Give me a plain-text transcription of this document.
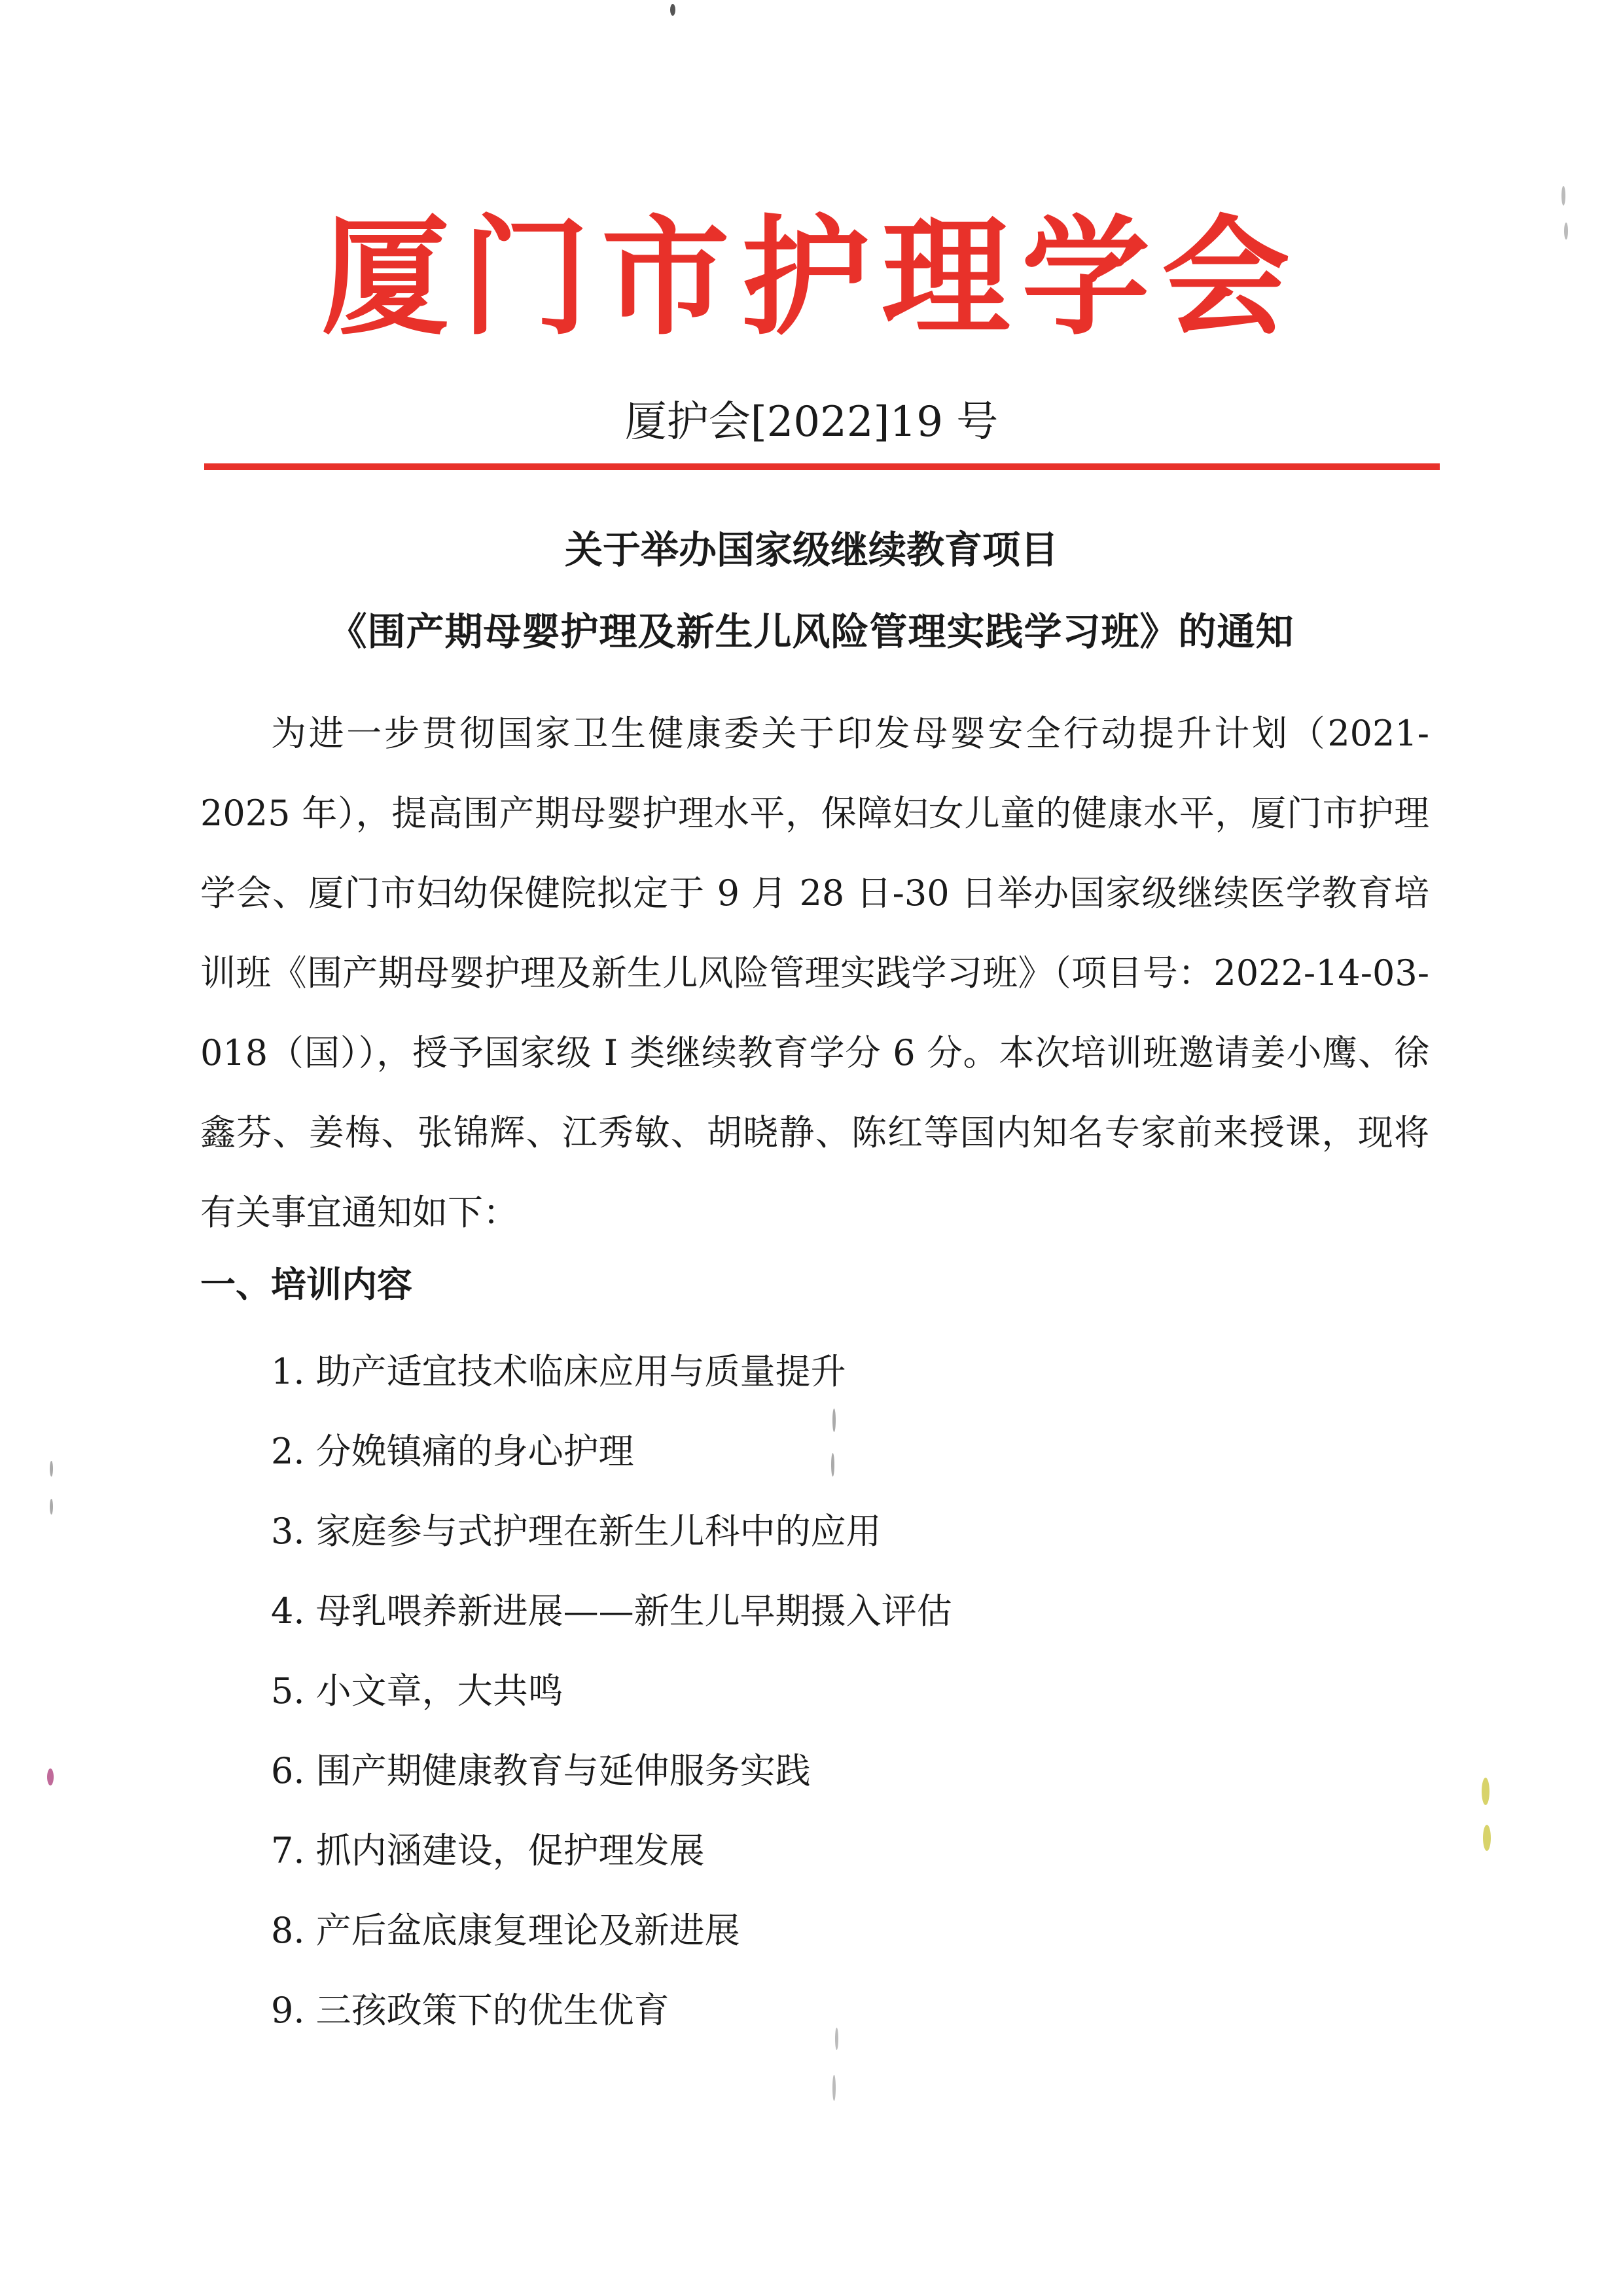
厦门市护理学会
厦护会[2022]19 号
关于举办国家级继续教育项目
《围产期母婴护理及新生儿风险管理实践学习班》的通知

为进一步贯彻国家卫生健康委关于印发母婴安全行动提升计划（2021-2025 年），提高围产期母婴护理水平，保障妇女儿童的健康水平，厦门市护理学会、厦门市妇幼保健院拟定于 9 月 28 日-30 日举办国家级继续医学教育培训班《围产期母婴护理及新生儿风险管理实践学习班》（项目号：2022-14-03-018（国）），授予国家级 I 类继续教育学分 6 分。本次培训班邀请姜小鹰、徐鑫芬、姜梅、张锦辉、江秀敏、胡晓静、陈红等国内知名专家前来授课，现将有关事宜通知如下：

一、培训内容
1. 助产适宜技术临床应用与质量提升
2. 分娩镇痛的身心护理
3. 家庭参与式护理在新生儿科中的应用
4. 母乳喂养新进展——新生儿早期摄入评估
5. 小文章，大共鸣
6. 围产期健康教育与延伸服务实践
7. 抓内涵建设，促护理发展
8. 产后盆底康复理论及新进展
9. 三孩政策下的优生优育
